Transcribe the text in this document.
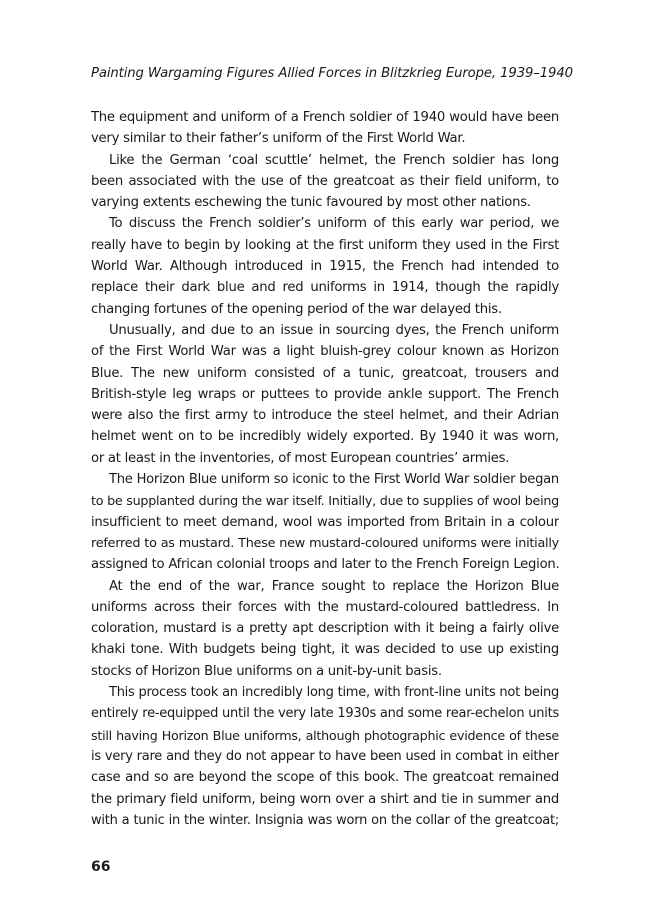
Painting Wargaming Figures Allied Forces in Blitzkrieg Europe, 1939–1940

The equipment and uniform of a French soldier of 1940 would have been
very similar to their father’s uniform of the First World War.

Like the German ‘coal scuttle’ helmet, the French soldier has long
been associated with the use of the greatcoat as their field uniform, to
varying extents eschewing the tunic favoured by most other nations.

To discuss the French soldier’s uniform of this early war period, we
really have to begin by looking at the first uniform they used in the First
World War. Although introduced in 1915, the French had intended to
replace their dark blue and red uniforms in 1914, though the rapidly
changing fortunes of the opening period of the war delayed this.

Unusually, and due to an issue in sourcing dyes, the French uniform
of the First World War was a light bluish-grey colour known as Horizon
Blue. The new uniform consisted of a tunic, greatcoat, trousers and
British-style leg wraps or puttees to provide ankle support. The French
were also the first army to introduce the steel helmet, and their Adrian
helmet went on to be incredibly widely exported. By 1940 it was worn,
or at least in the inventories, of most European countries’ armies.

The Horizon Blue uniform so iconic to the First World War soldier began
to be supplanted during the war itself. Initially, due to supplies of wool being
insufficient to meet demand, wool was imported from Britain in a colour
referred to as mustard. These new mustard-coloured uniforms were initially
assigned to African colonial troops and later to the French Foreign Legion.

At the end of the war, France sought to replace the Horizon Blue
uniforms across their forces with the mustard-coloured battledress. In
coloration, mustard is a pretty apt description with it being a fairly olive
khaki tone. With budgets being tight, it was decided to use up existing
stocks of Horizon Blue uniforms on a unit-by-unit basis.

This process took an incredibly long time, with front-line units not being
entirely re-equipped until the very late 1930s and some rear-echelon units
still having Horizon Blue uniforms, although photographic evidence of these
is very rare and they do not appear to have been used in combat in either
case and so are beyond the scope of this book. The greatcoat remained
the primary field uniform, being worn over a shirt and tie in summer and
with a tunic in the winter. Insignia was worn on the collar of the greatcoat;

66
